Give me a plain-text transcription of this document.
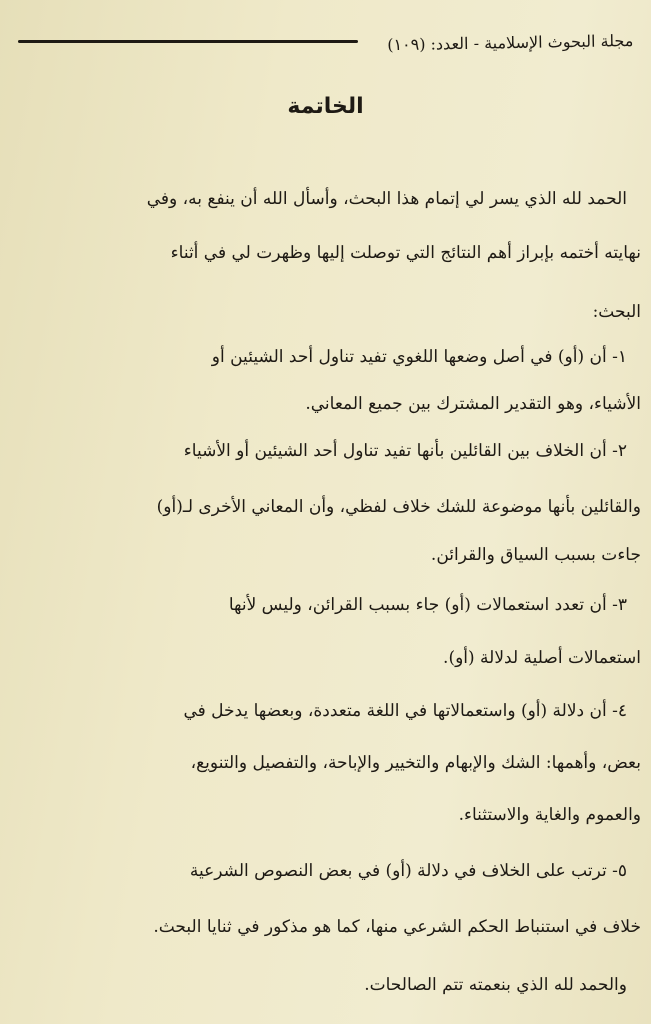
مجلة البحوث الإسلامية - العدد: (١٠٩)
الخاتمة
الحمد لله الذي يسر لي إتمام هذا البحث، وأسأل الله أن ينفع به، وفي
نهايته أختمه بإبراز أهم النتائج التي توصلت إليها وظهرت لي في أثناء
البحث:
١- أن (أو) في أصل وضعها اللغوي تفيد تناول أحد الشيئين أو
الأشياء، وهو التقدير المشترك بين جميع المعاني.
٢- أن الخلاف بين القائلين بأنها تفيد تناول أحد الشيئين أو الأشياء
والقائلين بأنها موضوعة للشك خلاف لفظي، وأن المعاني الأخرى لـ(أو)
جاءت بسبب السياق والقرائن.
٣- أن تعدد استعمالات (أو) جاء بسبب القرائن، وليس لأنها
استعمالات أصلية لدلالة (أو).
٤- أن دلالة (أو) واستعمالاتها في اللغة متعددة، وبعضها يدخل في
بعض، وأهمها: الشك والإبهام والتخيير والإباحة، والتفصيل والتنويع،
والعموم والغاية والاستثناء.
٥- ترتب على الخلاف في دلالة (أو) في بعض النصوص الشرعية
خلاف في استنباط الحكم الشرعي منها، كما هو مذكور في ثنايا البحث.
والحمد لله الذي بنعمته تتم الصالحات.
